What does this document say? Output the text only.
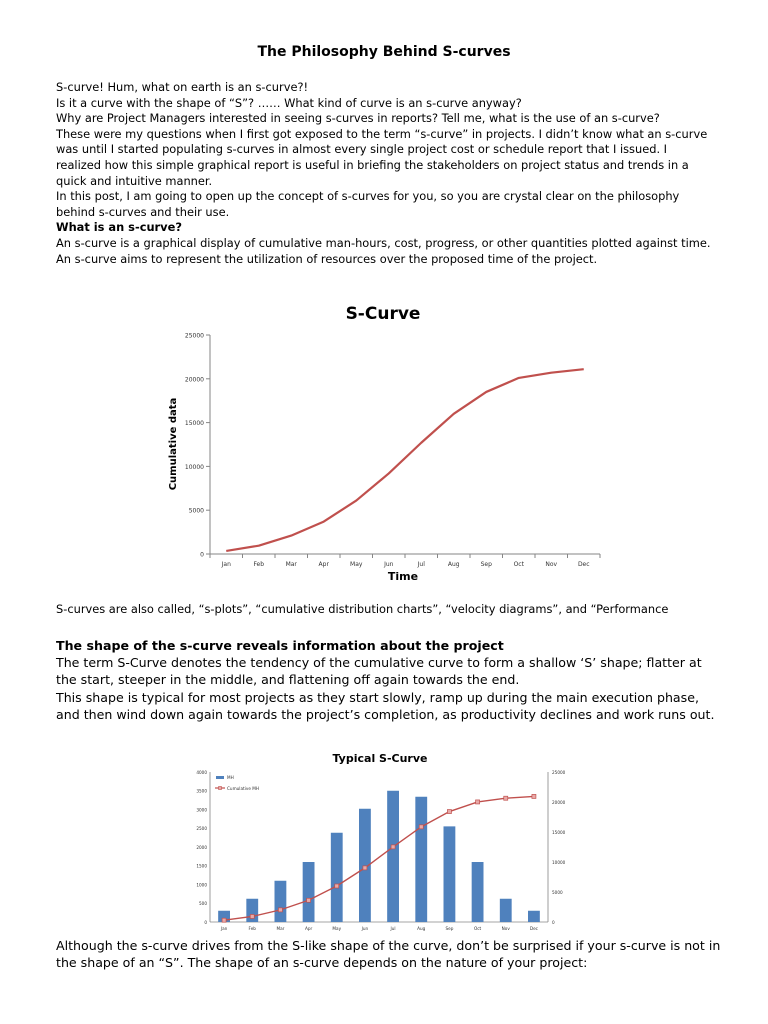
The Philosophy Behind S-curves
S-curve! Hum, what on earth is an s-curve?!
Is it a curve with the shape of “S”? …… What kind of curve is an s-curve anyway?
Why are Project Managers interested in seeing s-curves in reports? Tell me, what is the use of an s-curve?
These were my questions when I first got exposed to the term “s-curve” in projects. I didn’t know what an s-curve
was until I started populating s-curves in almost every single project cost or schedule report that I issued. I
realized how this simple graphical report is useful in briefing the stakeholders on project status and trends in a
quick and intuitive manner.
In this post, I am going to open up the concept of s-curves for you, so you are crystal clear on the philosophy
behind s-curves and their use.
What is an s-curve?
An s-curve is a graphical display of cumulative man-hours, cost, progress, or other quantities plotted against time.
An s-curve aims to represent the utilization of resources over the proposed time of the project.
S-Curve
Cumulative data
Time
0
5000
10000
15000
20000
25000
Jan	Feb	Mar	Apr	May	Jun	Jul	Aug	Sep	Oct	Nov	Dec
S-curves are also called, “s-plots”, “cumulative distribution charts”, “velocity diagrams”, and “Performance
The shape of the s-curve reveals information about the project
The term S-Curve denotes the tendency of the cumulative curve to form a shallow ‘S’ shape; flatter at
the start, steeper in the middle, and flattening off again towards the end.
This shape is typical for most projects as they start slowly, ramp up during the main execution phase,
and then wind down again towards the project’s completion, as productivity declines and work runs out.
Typical S-Curve
0
500
1000
1500
2000
2500
3000
3500
4000
0
5000
10000
15000
20000
25000
Jan	Feb	Mar	Apr	May	Jun	Jul	Aug	Sep	Oct	Nov	Dec
MH
Cumulative MH
Although the s-curve drives from the S-like shape of the curve, don’t be surprised if your s-curve is not in
the shape of an “S”. The shape of an s-curve depends on the nature of your project:
